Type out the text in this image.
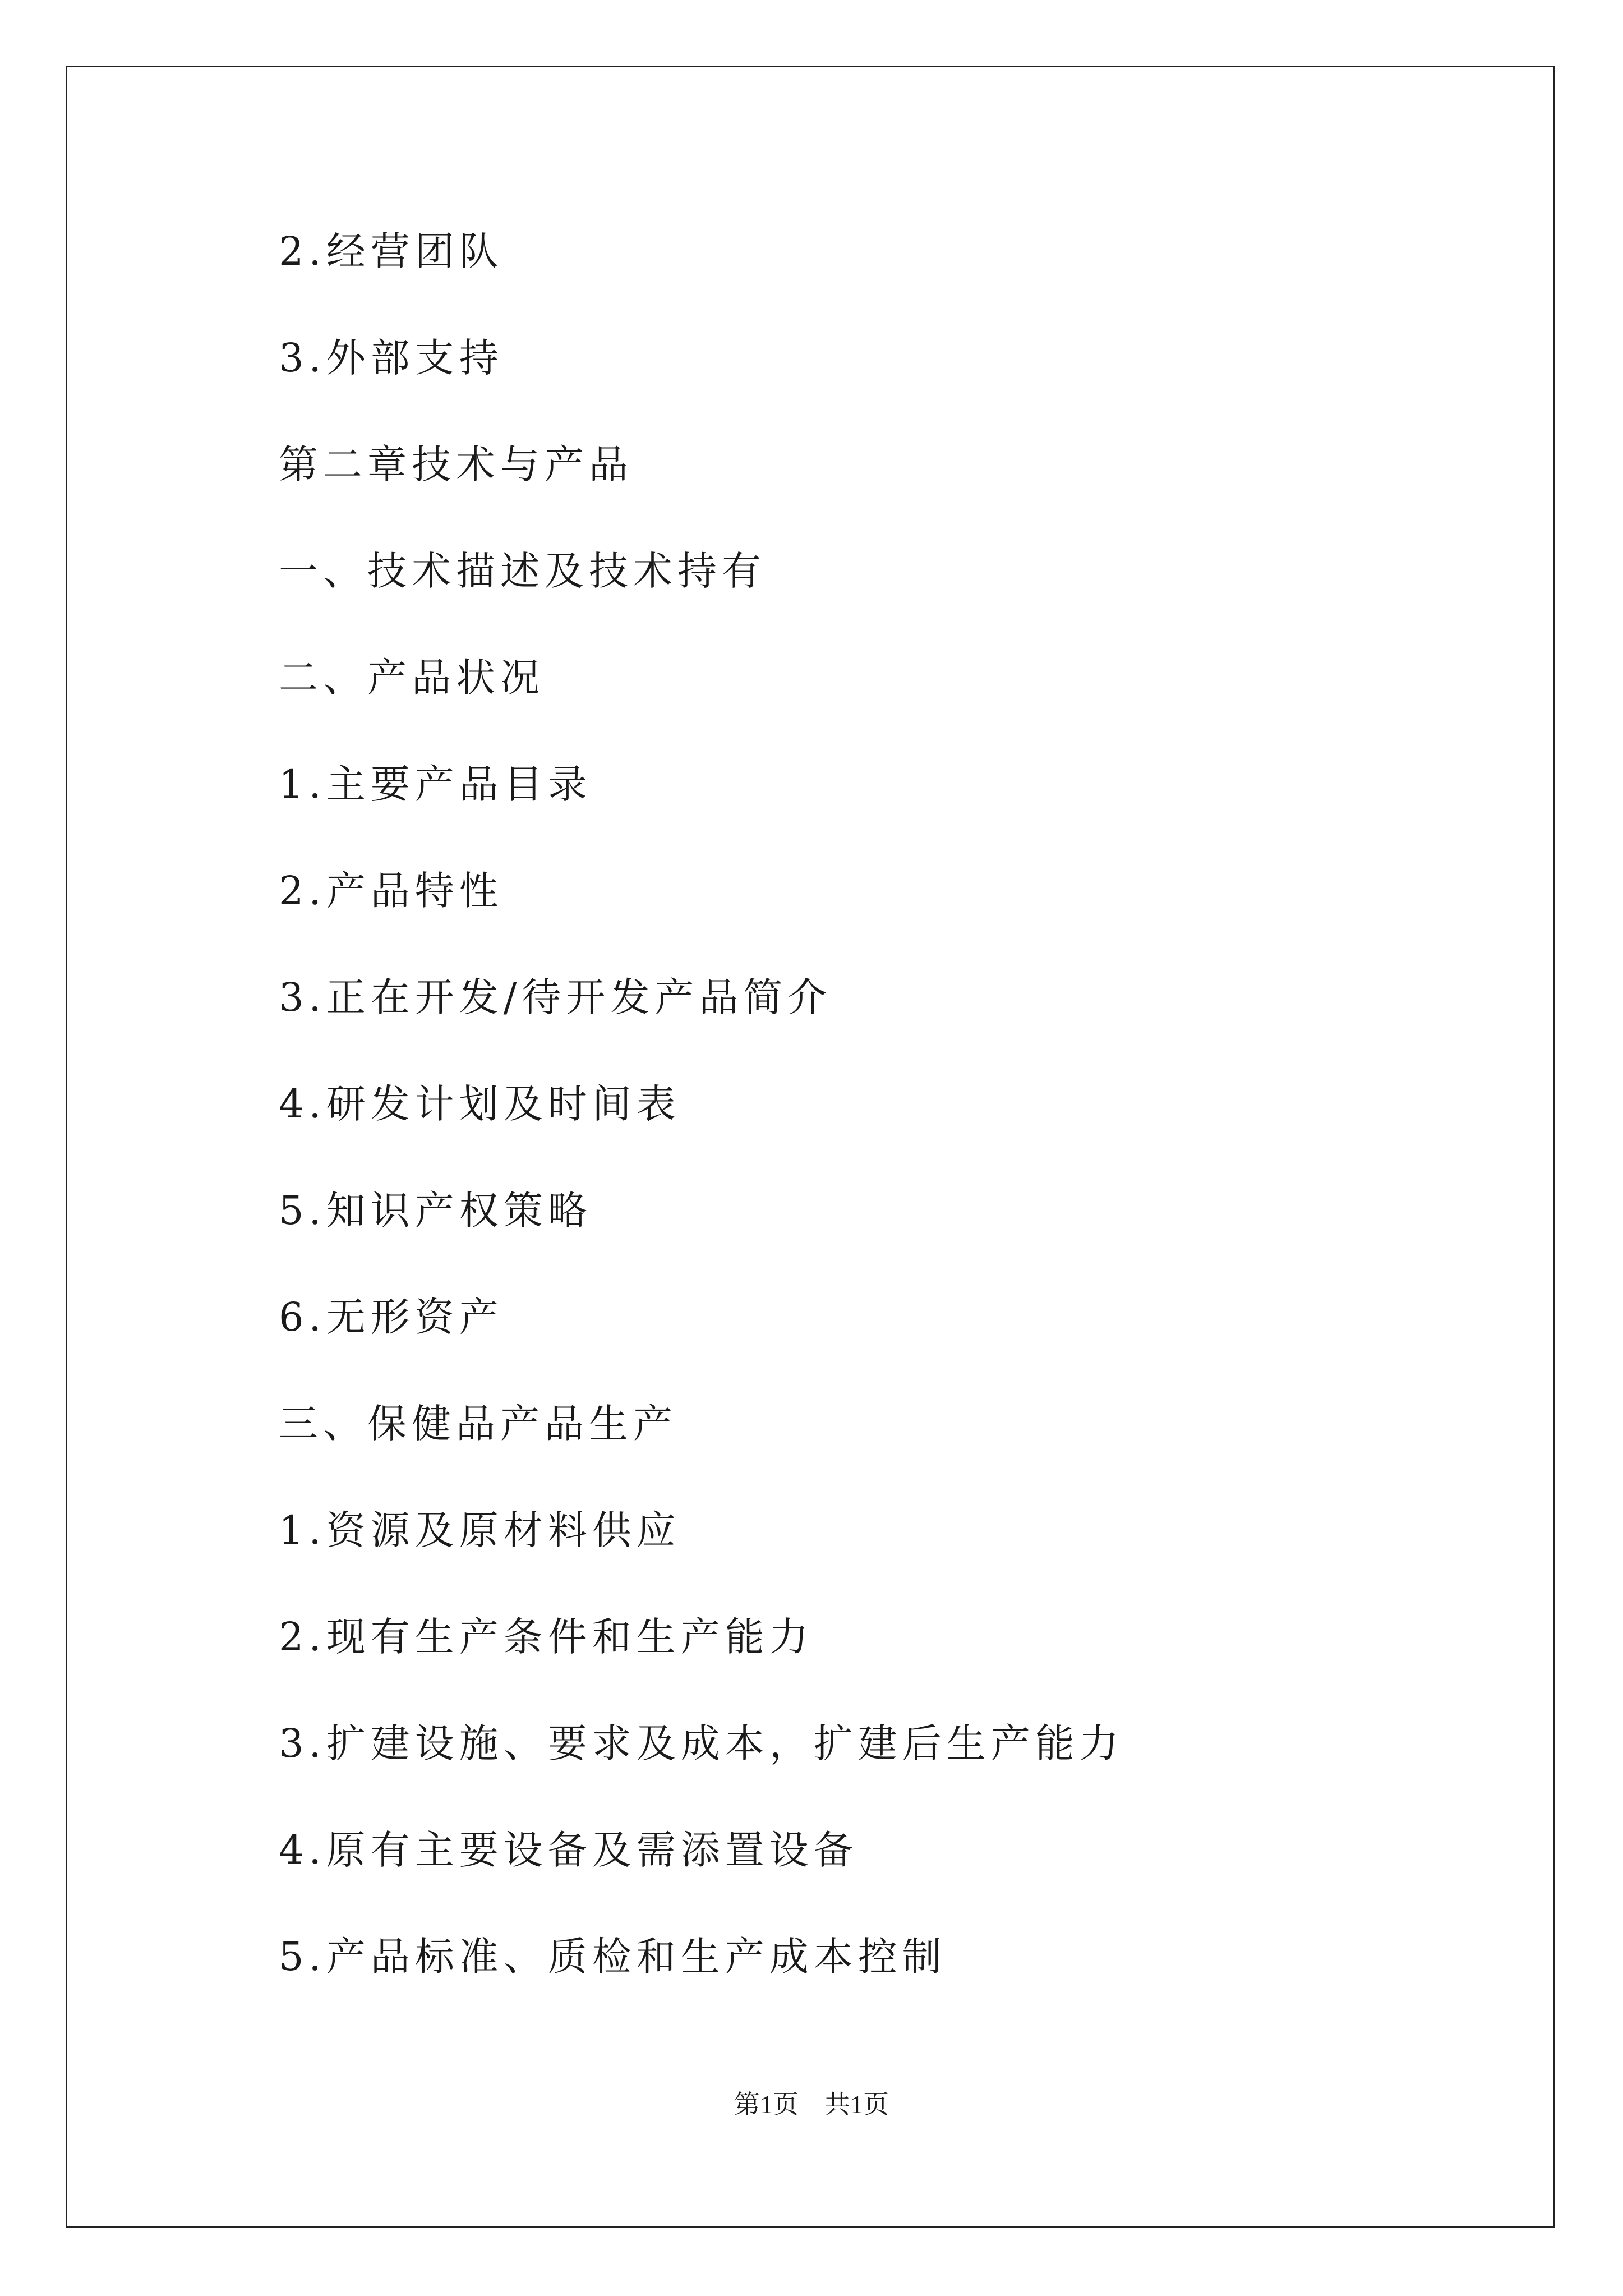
2.经营团队
3.外部支持
第二章技术与产品
一、技术描述及技术持有
二、产品状况
1.主要产品目录
2.产品特性
3.正在开发/待开发产品简介
4.研发计划及时间表
5.知识产权策略
6.无形资产
三、保健品产品生产
1.资源及原材料供应
2.现有生产条件和生产能力
3.扩建设施、要求及成本，扩建后生产能力
4.原有主要设备及需添置设备
5.产品标准、质检和生产成本控制
第1页 共1页
